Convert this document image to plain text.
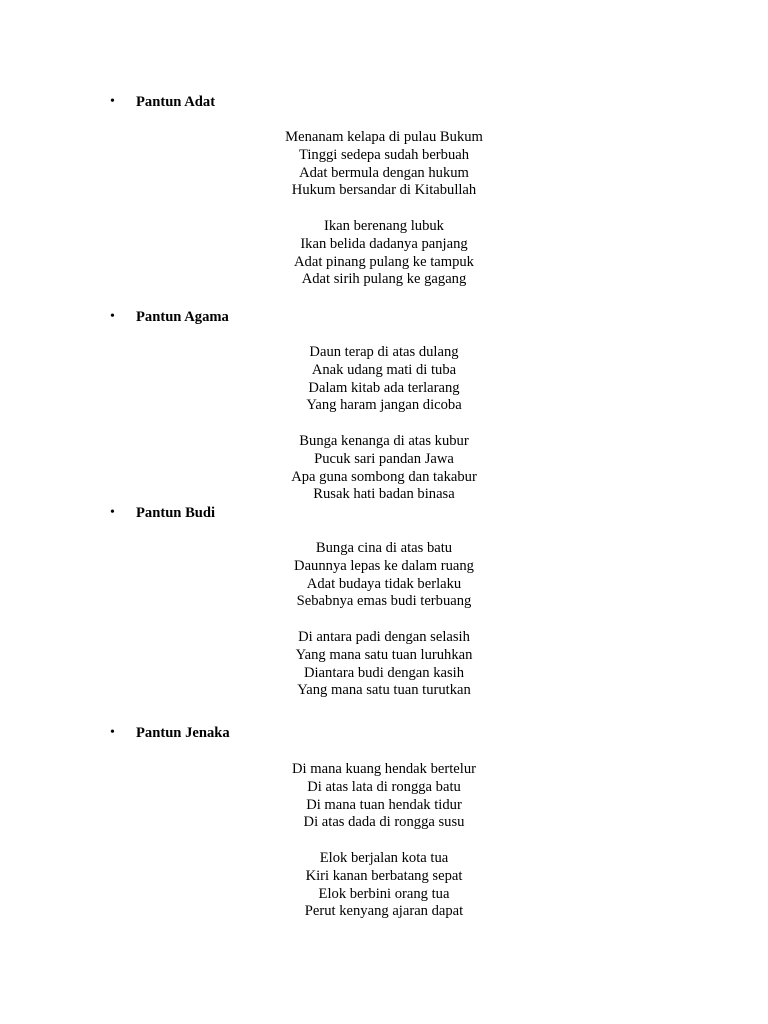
• Pantun Adat
Menanam kelapa di pulau Bukum
Tinggi sedepa sudah berbuah
Adat bermula dengan hukum
Hukum bersandar di Kitabullah
Ikan berenang lubuk
Ikan belida dadanya panjang
Adat pinang pulang ke tampuk
Adat sirih pulang ke gagang
• Pantun Agama
Daun terap di atas dulang
Anak udang mati di tuba
Dalam kitab ada terlarang
Yang haram jangan dicoba
Bunga kenanga di atas kubur
Pucuk sari pandan Jawa
Apa guna sombong dan takabur
Rusak hati badan binasa
• Pantun Budi
Bunga cina di atas batu
Daunnya lepas ke dalam ruang
Adat budaya tidak berlaku
Sebabnya emas budi terbuang
Di antara padi dengan selasih
Yang mana satu tuan luruhkan
Diantara budi dengan kasih
Yang mana satu tuan turutkan
• Pantun Jenaka
Di mana kuang hendak bertelur
Di atas lata di rongga batu
Di mana tuan hendak tidur
Di atas dada di rongga susu
Elok berjalan kota tua
Kiri kanan berbatang sepat
Elok berbini orang tua
Perut kenyang ajaran dapat
